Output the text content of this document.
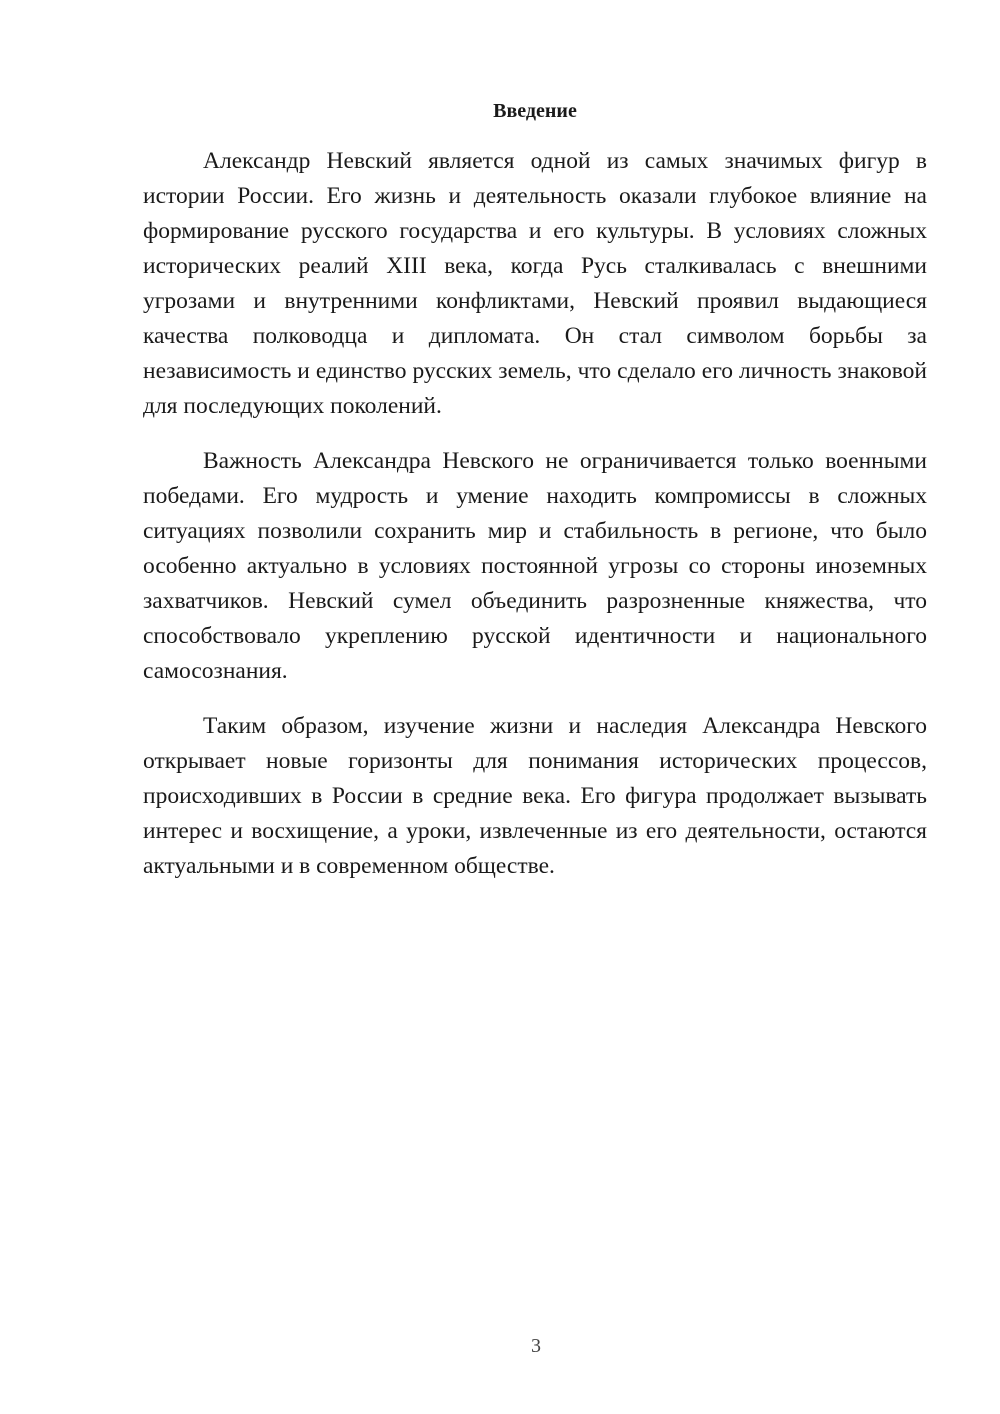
Введение

Александр Невский является одной из самых значимых фигур в истории России. Его жизнь и деятельность оказали глубокое влияние на формирование русского государства и его культуры. В условиях сложных исторических реалий XIII века, когда Русь сталкивалась с внешними угрозами и внутренними конфликтами, Невский проявил выдающиеся качества полководца и дипломата. Он стал символом борьбы за независимость и единство русских земель, что сделало его личность знаковой для последующих поколений.

Важность Александра Невского не ограничивается только военными победами. Его мудрость и умение находить компромиссы в сложных ситуациях позволили сохранить мир и стабильность в регионе, что было особенно актуально в условиях постоянной угрозы со стороны иноземных захватчиков. Невский сумел объединить разрозненные княжества, что способствовало укреплению русской идентичности и национального самосознания.

Таким образом, изучение жизни и наследия Александра Невского открывает новые горизонты для понимания исторических процессов, происходивших в России в средние века. Его фигура продолжает вызывать интерес и восхищение, а уроки, извлеченные из его деятельности, остаются актуальными и в современном обществе.

3
